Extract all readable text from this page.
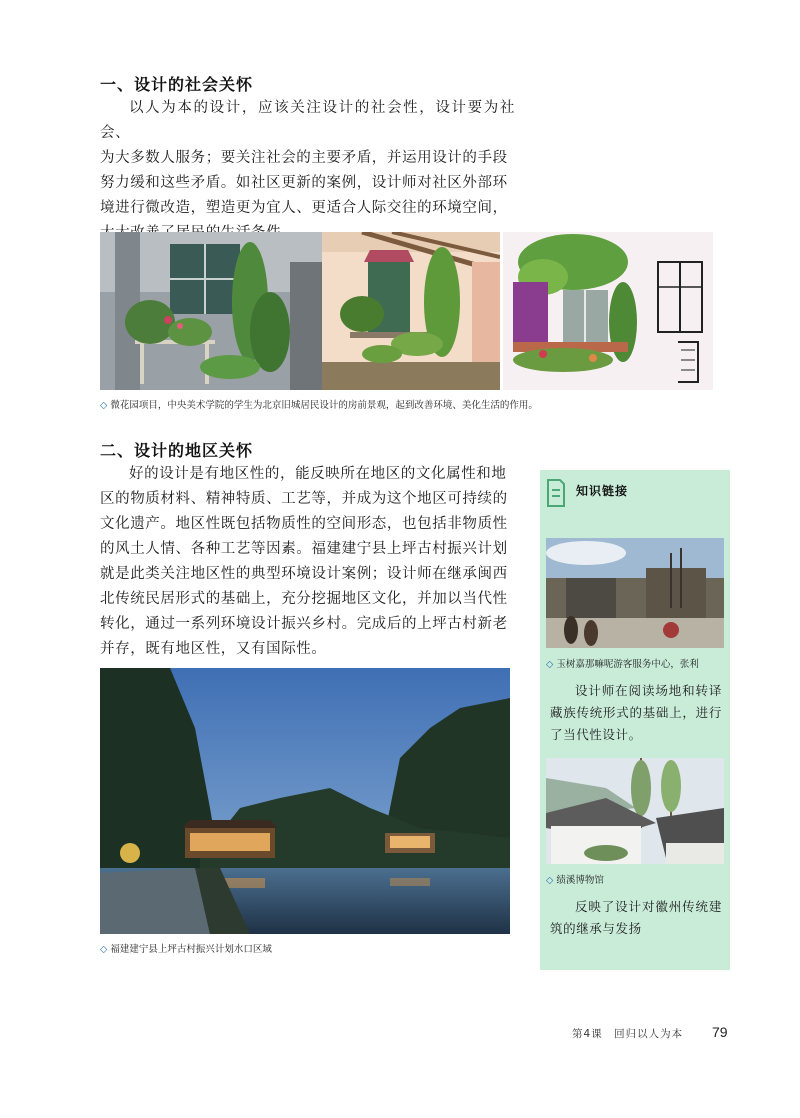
一、设计的社会关怀

以人为本的设计，应该关注设计的社会性，设计要为社会、

为大多数人服务；要关注社会的主要矛盾，并运用设计的手段

努力缓和这些矛盾。如社区更新的案例，设计师对社区外部环

境进行微改造，塑造更为宜人、更适合人际交往的环境空间，

◇ 微花园项目，中央美术学院的学生为北京旧城居民设计的房前景观，起到改善环境、美化生活的作用。
二、设计的地区关怀

好的设计是有地区性的，能反映所在地区的文化属性和地

区的物质材料、精神特质、工艺等，并成为这个地区可持续的

文化遗产。地区性既包括物质性的空间形态，也包括非物质性

的风土人情、各种工艺等因素。福建建宁县上坪古村振兴计划

就是此类关注地区性的典型环境设计案例；设计师在继承闽西

北传统民居形式的基础上，充分挖掘地区文化，并加以当代性

转化，通过一系列环境设计振兴乡村。完成后的上坪古村新老

并存，既有地区性，又有国际性。

◇ 福建建宁县上坪古村振兴计划水口区域
知识链接
◇ 玉树嘉那嘛呢游客服务中心，张利
设计师在阅读场地和转译藏族传统形式的基础上，进行了当代性设计。
◇ 绩溪博物馆
反映了设计对徽州传统建筑的继承与发扬
第4课　回归以人为本 79
